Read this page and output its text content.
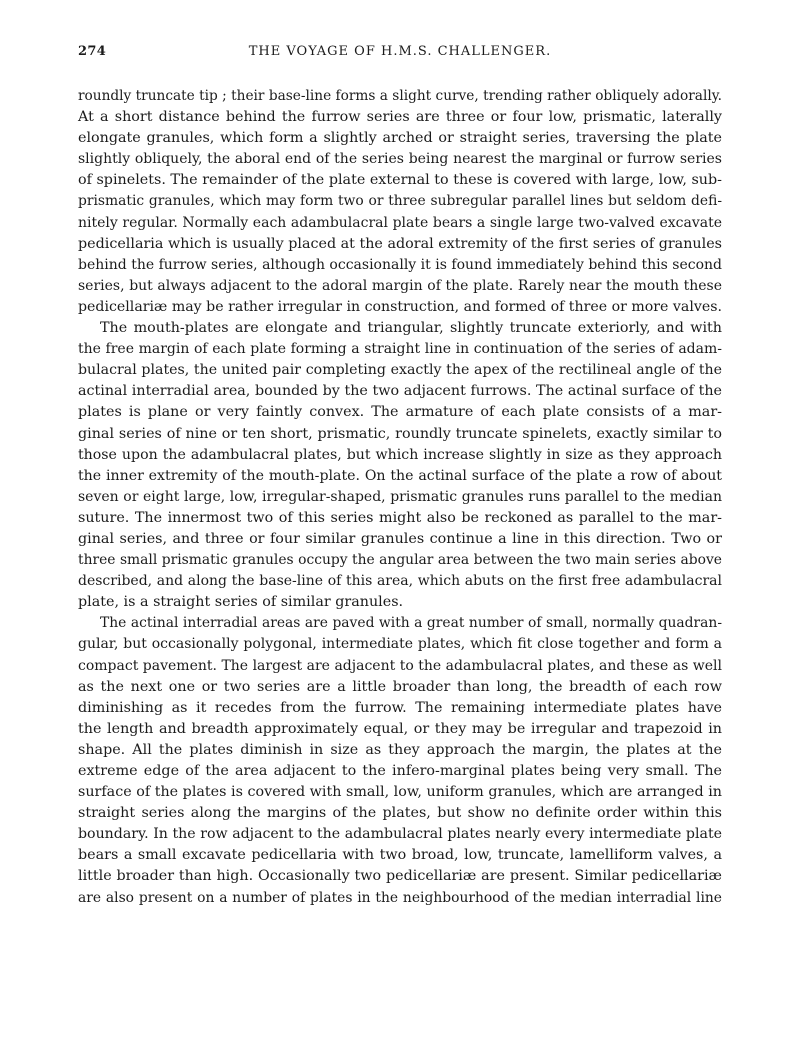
274	THE VOYAGE OF H.M.S. CHALLENGER.
roundly truncate tip ; their base-line forms a slight curve, trending rather obliquely adorally.
At a short distance behind the furrow series are three or four low, prismatic, laterally
elongate granules, which form a slightly arched or straight series, traversing the plate
slightly obliquely, the aboral end of the series being nearest the marginal or furrow series
of spinelets. The remainder of the plate external to these is covered with large, low, sub-
prismatic granules, which may form two or three subregular parallel lines but seldom defi-
nitely regular. Normally each adambulacral plate bears a single large two-valved excavate
pedicellaria which is usually placed at the adoral extremity of the first series of granules
behind the furrow series, although occasionally it is found immediately behind this second
series, but always adjacent to the adoral margin of the plate. Rarely near the mouth these
pedicellariæ may be rather irregular in construction, and formed of three or more valves.
The mouth-plates are elongate and triangular, slightly truncate exteriorly, and with
the free margin of each plate forming a straight line in continuation of the series of adam-
bulacral plates, the united pair completing exactly the apex of the rectilineal angle of the
actinal interradial area, bounded by the two adjacent furrows. The actinal surface of the
plates is plane or very faintly convex. The armature of each plate consists of a mar-
ginal series of nine or ten short, prismatic, roundly truncate spinelets, exactly similar to
those upon the adambulacral plates, but which increase slightly in size as they approach
the inner extremity of the mouth-plate. On the actinal surface of the plate a row of about
seven or eight large, low, irregular-shaped, prismatic granules runs parallel to the median
suture. The innermost two of this series might also be reckoned as parallel to the mar-
ginal series, and three or four similar granules continue a line in this direction. Two or
three small prismatic granules occupy the angular area between the two main series above
described, and along the base-line of this area, which abuts on the first free adambulacral
plate, is a straight series of similar granules.
The actinal interradial areas are paved with a great number of small, normally quadran-
gular, but occasionally polygonal, intermediate plates, which fit close together and form a
compact pavement. The largest are adjacent to the adambulacral plates, and these as well
as the next one or two series are a little broader than long, the breadth of each row
diminishing as it recedes from the furrow. The remaining intermediate plates have
the length and breadth approximately equal, or they may be irregular and trapezoid in
shape. All the plates diminish in size as they approach the margin, the plates at the
extreme edge of the area adjacent to the infero-marginal plates being very small. The
surface of the plates is covered with small, low, uniform granules, which are arranged in
straight series along the margins of the plates, but show no definite order within this
boundary. In the row adjacent to the adambulacral plates nearly every intermediate plate
bears a small excavate pedicellaria with two broad, low, truncate, lamelliform valves, a
little broader than high. Occasionally two pedicellariæ are present. Similar pedicellariæ
are also present on a number of plates in the neighbourhood of the median interradial line
